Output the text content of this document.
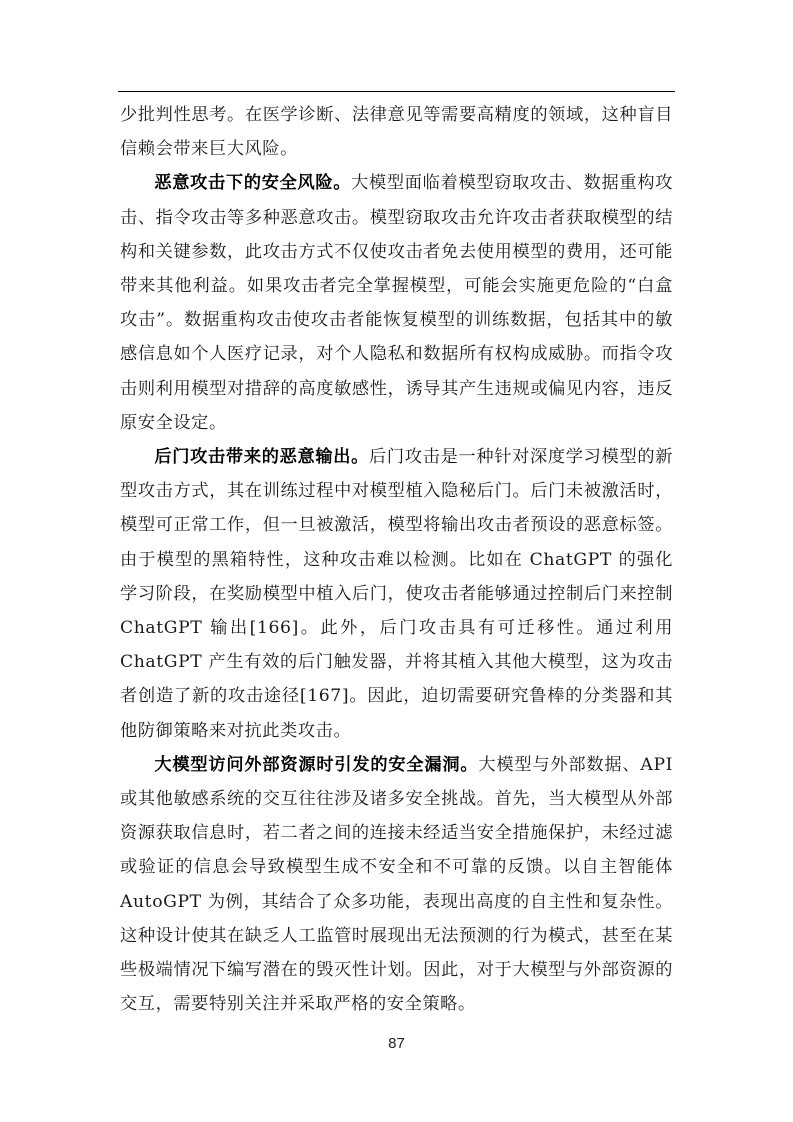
少批判性思考。在医学诊断、法律意见等需要高精度的领域，这种盲目信赖会带来巨大风险。

恶意攻击下的安全风险。大模型面临着模型窃取攻击、数据重构攻击、指令攻击等多种恶意攻击。模型窃取攻击允许攻击者获取模型的结构和关键参数，此攻击方式不仅使攻击者免去使用模型的费用，还可能带来其他利益。如果攻击者完全掌握模型，可能会实施更危险的“白盒攻击”。数据重构攻击使攻击者能恢复模型的训练数据，包括其中的敏感信息如个人医疗记录，对个人隐私和数据所有权构成威胁。而指令攻击则利用模型对措辞的高度敏感性，诱导其产生违规或偏见内容，违反原安全设定。

后门攻击带来的恶意输出。后门攻击是一种针对深度学习模型的新型攻击方式，其在训练过程中对模型植入隐秘后门。后门未被激活时，模型可正常工作，但一旦被激活，模型将输出攻击者预设的恶意标签。由于模型的黑箱特性，这种攻击难以检测。比如在 ChatGPT 的强化学习阶段，在奖励模型中植入后门，使攻击者能够通过控制后门来控制 ChatGPT 输出[166]。此外，后门攻击具有可迁移性。通过利用 ChatGPT 产生有效的后门触发器，并将其植入其他大模型，这为攻击者创造了新的攻击途径[167]。因此，迫切需要研究鲁棒的分类器和其他防御策略来对抗此类攻击。

大模型访问外部资源时引发的安全漏洞。大模型与外部数据、API 或其他敏感系统的交互往往涉及诸多安全挑战。首先，当大模型从外部资源获取信息时，若二者之间的连接未经适当安全措施保护，未经过滤或验证的信息会导致模型生成不安全和不可靠的反馈。以自主智能体 AutoGPT 为例，其结合了众多功能，表现出高度的自主性和复杂性。这种设计使其在缺乏人工监管时展现出无法预测的行为模式，甚至在某些极端情况下编写潜在的毁灭性计划。因此，对于大模型与外部资源的交互，需要特别关注并采取严格的安全策略。

87
